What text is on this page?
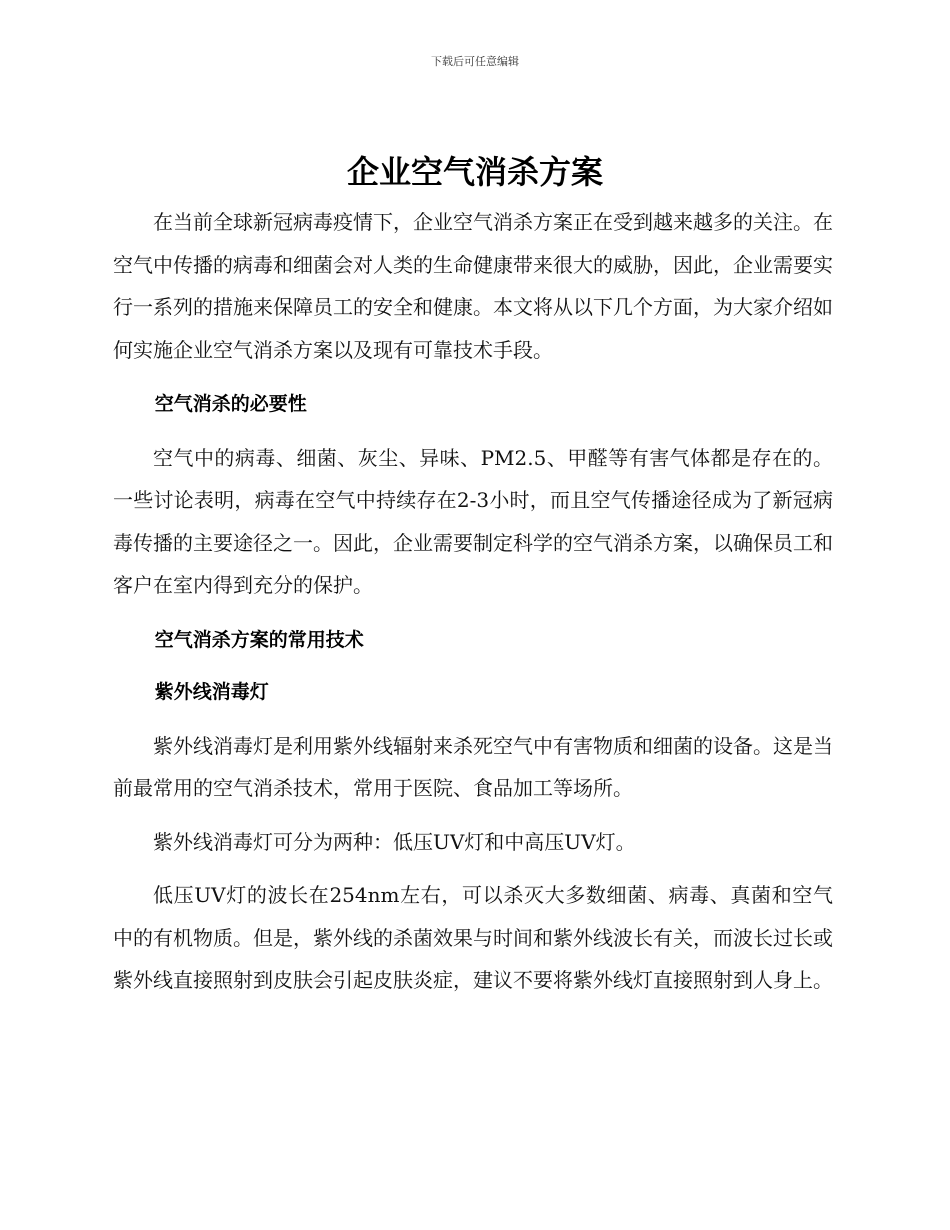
下载后可任意编辑
企业空气消杀方案

在当前全球新冠病毒疫情下，企业空气消杀方案正在受到越来越多的关注。在空气中传播的病毒和细菌会对人类的生命健康带来很大的威胁，因此，企业需要实行一系列的措施来保障员工的安全和健康。本文将从以下几个方面，为大家介绍如何实施企业空气消杀方案以及现有可靠技术手段。

空气消杀的必要性

空气中的病毒、细菌、灰尘、异味、PM2.5、甲醛等有害气体都是存在的。一些讨论表明，病毒在空气中持续存在2-3小时，而且空气传播途径成为了新冠病毒传播的主要途径之一。因此，企业需要制定科学的空气消杀方案，以确保员工和客户在室内得到充分的保护。

空气消杀方案的常用技术
紫外线消毒灯

紫外线消毒灯是利用紫外线辐射来杀死空气中有害物质和细菌的设备。这是当前最常用的空气消杀技术，常用于医院、食品加工等场所。

紫外线消毒灯可分为两种：低压UV灯和中高压UV灯。

低压UV灯的波长在254nm左右，可以杀灭大多数细菌、病毒、真菌和空气中的有机物质。但是，紫外线的杀菌效果与时间和紫外线波长有关，而波长过长或紫外线直接照射到皮肤会引起皮肤炎症，建议不要将紫外线灯直接照射到人身上。
